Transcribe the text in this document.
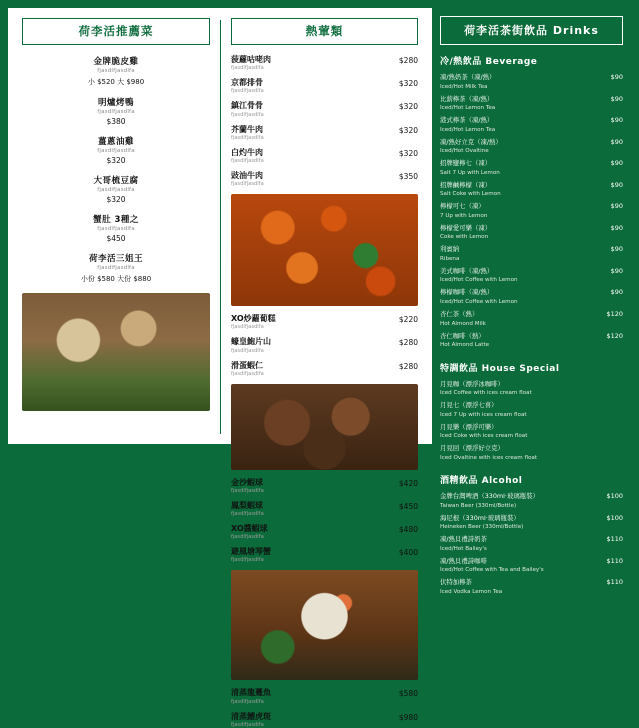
荷李活推薦菜
金牌脆皮雞
fjasdlfjasdlfa
小 $520 大 $980
明爐烤鴨
fjasdlfjasdlfa
$380
薑蔥油雞
fjasdlfjasdlfa
$320
大哥梳豆腐
fjasdlfjasdlfa
$320
蟹肚 3種之
fjasdlfjasdlfa
$450
荷李活三姐王
fjasdlfjasdlfa
小份 $580 大份 $880
熱葷類
菠蘿咕咾肉
fjasdlfjasdlfa
$280
京都排骨
fjasdlfjasdlfa
$320
鎮江骨骨
fjasdlfjasdlfa
$320
芥蘭牛肉
fjasdlfjasdlfa
$320
白灼牛肉
fjasdlfjasdlfa
$320
豉油牛肉
fjasdlfjasdlfa
$350
XO炒蘿蔔糕
fjasdlfjasdlfa
$220
蠔皇鮑片山
fjasdlfjasdlfa
$280
滑蛋蝦仁
fjasdlfjasdlfa
$280
金沙蝦球
fjasdlfjasdlfa
$420
鳳梨蝦球
fjasdlfjasdlfa
$450
XO醬蝦球
fjasdlfjasdlfa
$480
避風塘琴蟹
fjasdlfjasdlfa
$400
清蒸龍躉魚
fjasdlfjasdlfa
$580
清蒸鰽虎斑
fjasdlfjasdlfa
$980
荷李活茶街飲品 Drinks
冷/熱飲品 Beverage
凍/熱奶茶（凍/熱）
Iced/Hot Milk Tea
$90
比薪檸茶（凍/熱）
Iced/Hot Lemon Tea
$90
港式檸茶（凍/熱）
Iced/Hot Lemon Tea
$90
凍/熱好立克（凍/熱）
Iced/Hot Ovaltine
$90
招牌鹽檸七（凍）
Salt 7 Up with Lemon
$90
招牌鹹檸檬（凍）
Salt Coke with Lemon
$90
檸檬可七（凍）
7 Up with Lemon
$90
檸檬愛可樂（凍）
Coke with Lemon
$90
利賓納
Ribena
$90
美式咖啡（凍/熱）
Iced/Hot Coffee with Lemon
$90
檸檬咖啡（凍/熱）
Iced/Hot Coffee with Lemon
$90
杏仁茶（熱）
Hot Almond Milk
$120
杏仁咖啡（熱）
Hot Almond Latte
$120
特調飲品 House Special
月見咖（漂浮冰咖啡）
Iced Coffee with ices cream float
月見七（漂浮七喜）
Iced 7 Up with ices cream float
月見樂（漂浮可樂）
Iced Coke with ices cream float
月見回（漂浮好立克）
Iced Ovaltine with ices cream float
酒精飲品 Alcohol
金牌台灣啤酒（330ml·玻璃瓶裝）
Taiwan Beer (330ml/Bottle)
$100
海尼根（330ml·玻璃瓶裝）
Heineken Beer (330ml/Bottle)
$100
凍/熱貝禮詩奶茶
Iced/Hot Bailey's
$110
凍/熱貝禮詩咖啡
Iced/Hot Coffee with Tea and Bailey's
$110
伏特加檸茶
Iced Vodka Lemon Tea
$110
